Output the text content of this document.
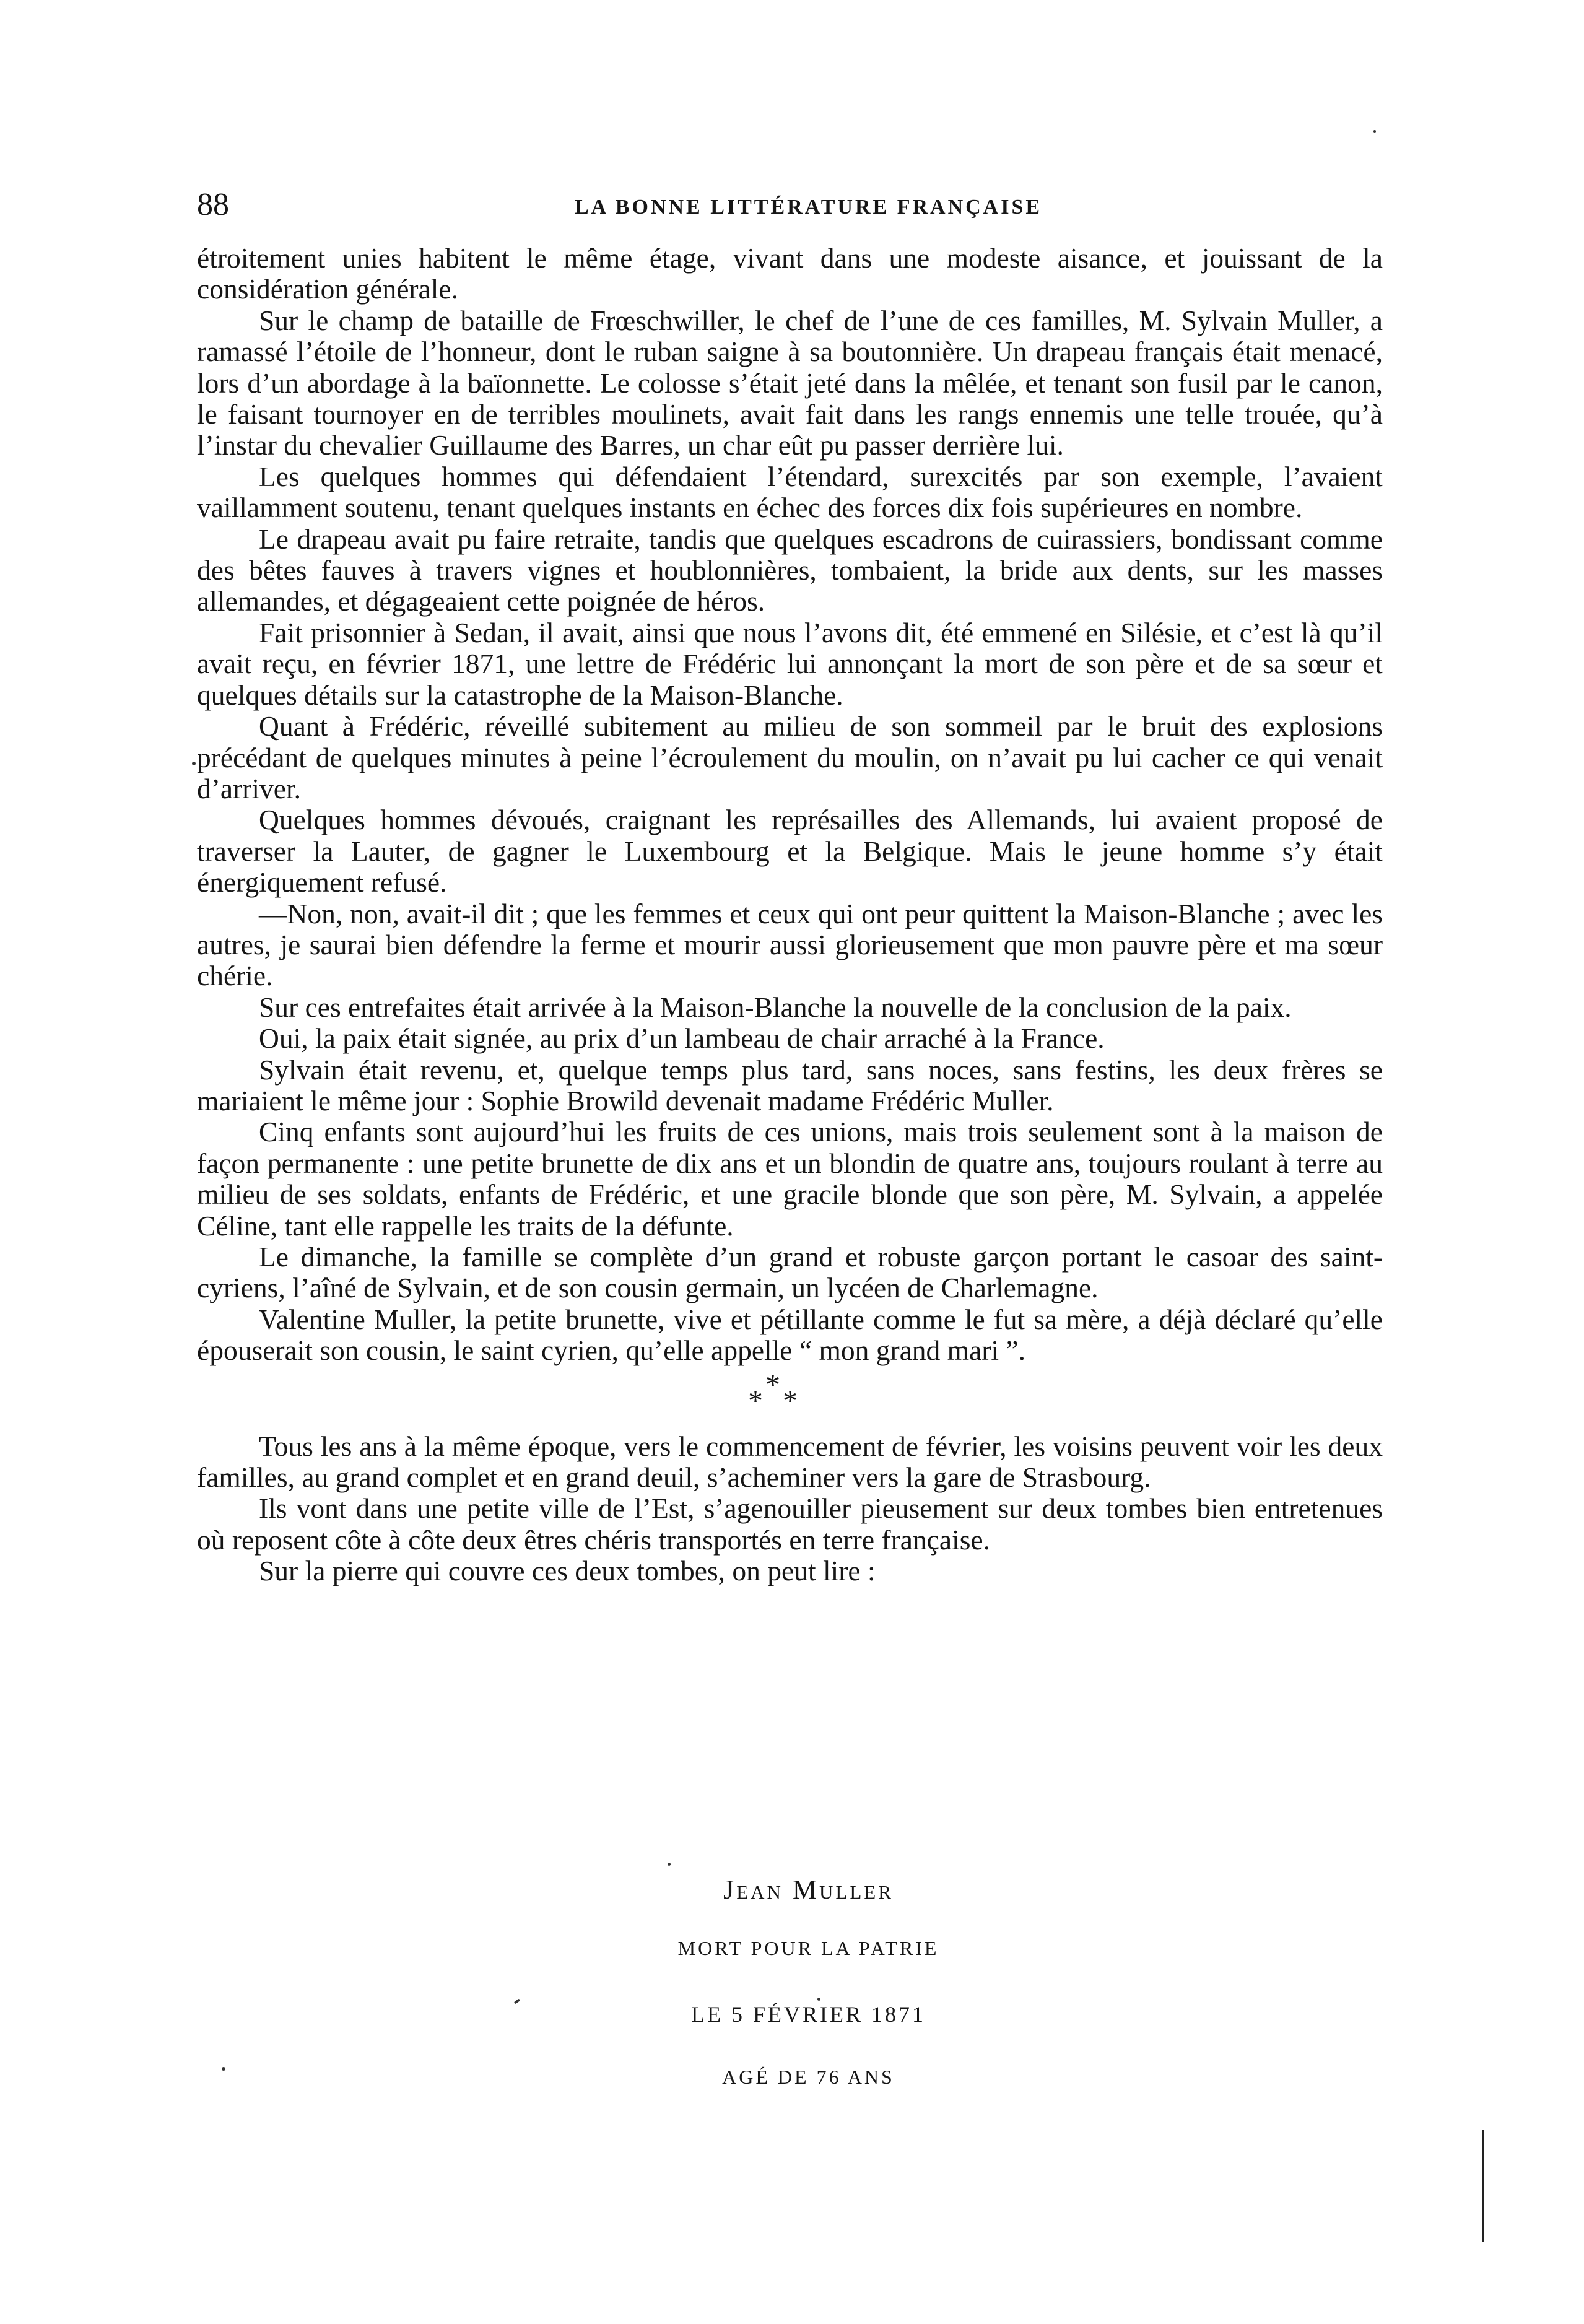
88	LA BONNE LITTÉRATURE FRANÇAISE

étroitement unies habitent le même étage, vivant dans une modeste aisance, et jouissant de la considération générale.

Sur le champ de bataille de Frœschwiller, le chef de l’une de ces familles, M. Sylvain Muller, a ramassé l’étoile de l’honneur, dont le ruban saigne à sa boutonnière. Un drapeau français était menacé, lors d’un abordage à la baïonnette. Le colosse s’était jeté dans la mêlée, et tenant son fusil par le canon, le faisant tournoyer en de terribles moulinets, avait fait dans les rangs ennemis une telle trouée, qu’à l’instar du chevalier Guillaume des Barres, un char eût pu passer derrière lui.

Les quelques hommes qui défendaient l’étendard, surexcités par son exemple, l’avaient vaillamment soutenu, tenant quelques instants en échec des forces dix fois supérieures en nombre.

Le drapeau avait pu faire retraite, tandis que quelques escadrons de cuirassiers, bondissant comme des bêtes fauves à travers vignes et houblonnières, tombaient, la bride aux dents, sur les masses allemandes, et dégageaient cette poignée de héros.

Fait prisonnier à Sedan, il avait, ainsi que nous l’avons dit, été emmené en Silésie, et c’est là qu’il avait reçu, en février 1871, une lettre de Frédéric lui annonçant la mort de son père et de sa sœur et quelques détails sur la catastrophe de la Maison-Blanche.

Quant à Frédéric, réveillé subitement au milieu de son sommeil par le bruit des explosions précédant de quelques minutes à peine l’écroulement du moulin, on n’avait pu lui cacher ce qui venait d’arriver.

Quelques hommes dévoués, craignant les représailles des Allemands, lui avaient proposé de traverser la Lauter, de gagner le Luxembourg et la Belgique. Mais le jeune homme s’y était énergiquement refusé.

—Non, non, avait-il dit ; que les femmes et ceux qui ont peur quittent la Maison-Blanche ; avec les autres, je saurai bien défendre la ferme et mourir aussi glorieusement que mon pauvre père et ma sœur chérie.

Sur ces entrefaites était arrivée à la Maison-Blanche la nouvelle de la conclusion de la paix.

Oui, la paix était signée, au prix d’un lambeau de chair arraché à la France.

Sylvain était revenu, et, quelque temps plus tard, sans noces, sans festins, les deux frères se mariaient le même jour : Sophie Browild devenait madame Frédéric Muller.

Cinq enfants sont aujourd’hui les fruits de ces unions, mais trois seulement sont à la maison de façon permanente : une petite brunette de dix ans et un blondin de quatre ans, toujours roulant à terre au milieu de ses soldats, enfants de Frédéric, et une gracile blonde que son père, M. Sylvain, a appelée Céline, tant elle rappelle les traits de la défunte.

Le dimanche, la famille se complète d’un grand et robuste garçon portant le casoar des saint-cyriens, l’aîné de Sylvain, et de son cousin germain, un lycéen de Charlemagne.

Valentine Muller, la petite brunette, vive et pétillante comme le fut sa mère, a déjà déclaré qu’elle épouserait son cousin, le saint cyrien, qu’elle appelle “ mon grand mari ”.

*
* *

Tous les ans à la même époque, vers le commencement de février, les voisins peuvent voir les deux familles, au grand complet et en grand deuil, s’acheminer vers la gare de Strasbourg.

Ils vont dans une petite ville de l’Est, s’agenouiller pieusement sur deux tombes bien entretenues où reposent côte à côte deux êtres chéris transportés en terre française.

Sur la pierre qui couvre ces deux tombes, on peut lire :

Jean Muller
MORT POUR LA PATRIE
LE 5 FÉVRIER 1871
AGÉ DE 76 ANS
